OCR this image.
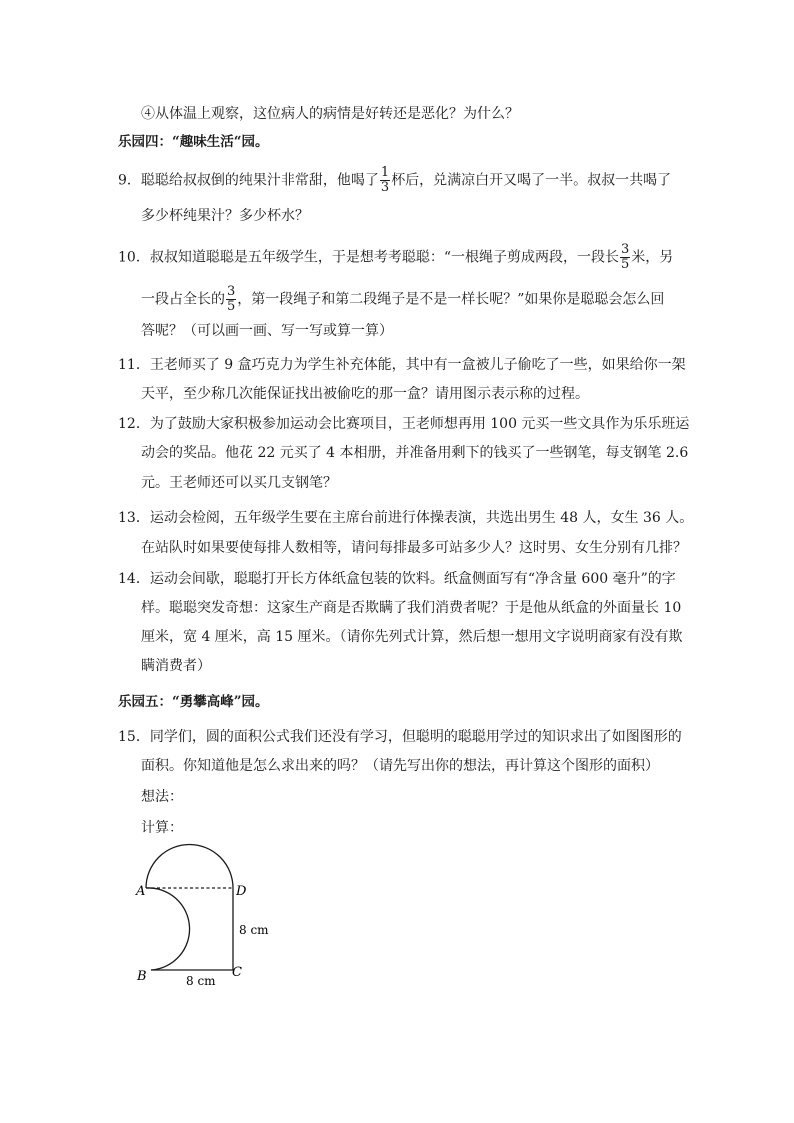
④从体温上观察，这位病人的病情是好转还是恶化？为什么？
乐园四：“趣味生活“园。
9．聪聪给叔叔倒的纯果汁非常甜，他喝了 $\frac{1}{3}$ 杯后，兑满凉白开又喝了一半。叔叔一共喝了
多少杯纯果汁？多少杯水？
10．叔叔知道聪聪是五年级学生，于是想考考聪聪：“一根绳子剪成两段，一段长 $\frac{3}{5}$ 米，另
一段占全长的 $\frac{3}{5}$ ，第一段绳子和第二段绳子是不是一样长呢？”如果你是聪聪会怎么回
答呢？（可以画一画、写一写或算一算）
11．王老师买了 9 盒巧克力为学生补充体能，其中有一盒被儿子偷吃了一些，如果给你一架
天平，至少称几次能保证找出被偷吃的那一盒？请用图示表示称的过程。
12．为了鼓励大家积极参加运动会比赛项目，王老师想再用 100 元买一些文具作为乐乐班运
动会的奖品。他花 22 元买了 4 本相册，并准备用剩下的钱买了一些钢笔，每支钢笔 2.6
元。王老师还可以买几支钢笔？
13．运动会检阅，五年级学生要在主席台前进行体操表演，共选出男生 48 人，女生 36 人。
在站队时如果要使每排人数相等，请问每排最多可站多少人？这时男、女生分别有几排？
14．运动会间歇，聪聪打开长方体纸盒包装的饮料。纸盒侧面写有“净含量 600 毫升”的字
样。聪聪突发奇想：这家生产商是否欺瞒了我们消费者呢？于是他从纸盒的外面量长 10
厘米，宽 4 厘米，高 15 厘米。（请你先列式计算，然后想一想用文字说明商家有没有欺
瞒消费者）
乐园五：“勇攀高峰”园。
15．同学们，圆的面积公式我们还没有学习，但聪明的聪聪用学过的知识求出了如图图形的
面积。你知道他是怎么求出来的吗？（请先写出你的想法，再计算这个图形的面积）
想法：
计算：
A	D
B	C
8 cm
8 cm
